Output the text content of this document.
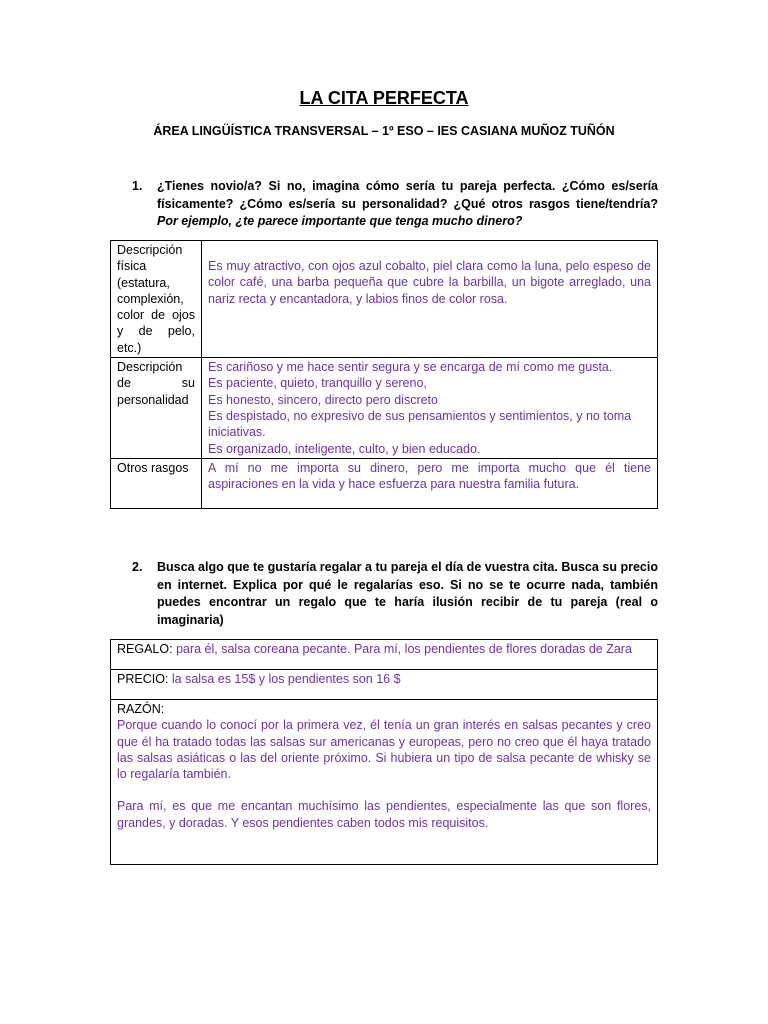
LA CITA PERFECTA
ÁREA LINGÜÍSTICA TRANSVERSAL – 1º ESO – IES CASIANA MUÑOZ TUÑÓN
1.	¿Tienes novio/a? Si no, imagina cómo sería tu pareja perfecta. ¿Cómo es/sería físicamente? ¿Cómo es/sería su personalidad? ¿Qué otros rasgos tiene/tendría? Por ejemplo, ¿te parece importante que tenga mucho dinero?
Descripción física (estatura, complexión, color de ojos y de pelo, etc.)	Es muy atractivo, con ojos azul cobalto, piel clara como la luna, pelo espeso de color café, una barba pequeña que cubre la barbilla, un bigote arreglado, una nariz recta y encantadora, y labios finos de color rosa.
Descripción de su personalidad	Es cariñoso y me hace sentir segura y se encarga de mí como me gusta.
Es paciente, quieto, tranquillo y sereno,
Es honesto, sincero, directo pero discreto
Es despistado, no expresivo de sus pensamientos y sentimientos, y no toma iniciativas.
Es organizado, inteligente, culto, y bien educado.

Otros rasgos	A mí no me importa su dinero, pero me importa mucho que él tiene aspiraciones en la vida y hace esfuerza para nuestra familia futura.
2.	Busca algo que te gustaría regalar a tu pareja el día de vuestra cita. Busca su precio en internet. Explica por qué le regalarías eso. Si no se te ocurre nada, también puedes encontrar un regalo que te haría ilusión recibir de tu pareja (real o imaginaria)
REGALO: para él, salsa coreana pecante. Para mí, los pendientes de flores doradas de Zara
PRECIO: la salsa es 15$ y los pendientes son 16 $

RAZÓN:
Porque cuando lo conocí por la primera vez, él tenía un gran interés en salsas pecantes y creo que él ha tratado todas las salsas sur americanas y europeas, pero no creo que él haya tratado las salsas asiáticas o las del oriente próximo. Si hubiera un tipo de salsa pecante de whisky se lo regalaría también.
Para mí, es que me encantan muchísimo las pendientes, especialmente las que son flores, grandes, y doradas. Y esos pendientes caben todos mis requisitos.
